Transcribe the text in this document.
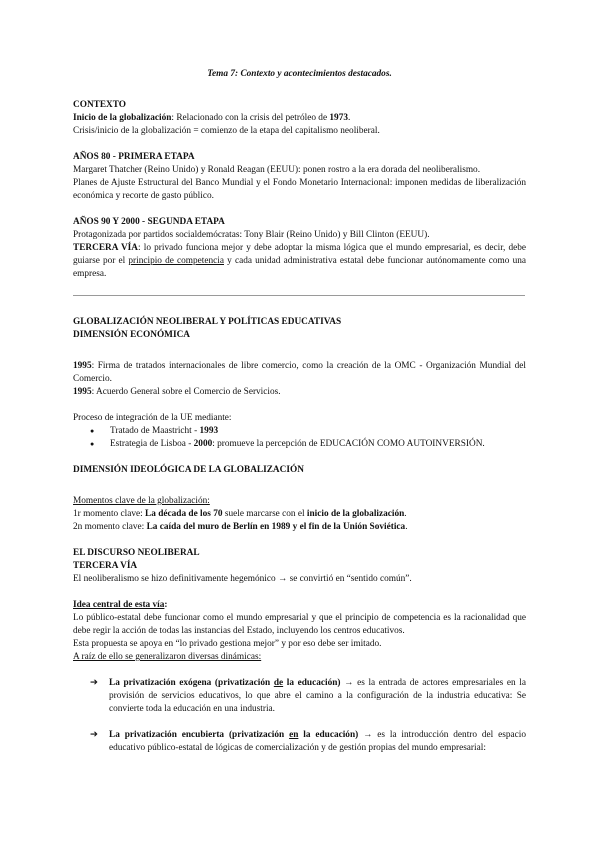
Tema 7: Contexto y acontecimientos destacados.

CONTEXTO

Inicio de la globalización: Relacionado con la crisis del petróleo de 1973.

Crisis/inicio de la globalización = comienzo de la etapa del capitalismo neoliberal.

AÑOS 80 - PRIMERA ETAPA

Margaret Thatcher (Reino Unido) y Ronald Reagan (EEUU): ponen rostro a la era dorada del neoliberalismo.

Planes de Ajuste Estructural del Banco Mundial y el Fondo Monetario Internacional: imponen medidas de liberalización económica y recorte de gasto público.

AÑOS 90 Y 2000 - SEGUNDA ETAPA

Protagonizada por partidos socialdemócratas: Tony Blair (Reino Unido) y Bill Clinton (EEUU).

TERCERA VÍA: lo privado funciona mejor y debe adoptar la misma lógica que el mundo empresarial, es decir, debe guiarse por el principio de competencia y cada unidad administrativa estatal debe funcionar autónomamente como una empresa.

GLOBALIZACIÓN NEOLIBERAL Y POLÍTICAS EDUCATIVAS

DIMENSIÓN ECONÓMICA

1995: Firma de tratados internacionales de libre comercio, como la creación de la OMC - Organización Mundial del Comercio.

1995: Acuerdo General sobre el Comercio de Servicios.

Proceso de integración de la UE mediante:

● Tratado de Maastricht - 1993
● Estrategia de Lisboa - 2000: promueve la percepción de EDUCACIÓN COMO AUTOINVERSIÓN.

DIMENSIÓN IDEOLÓGICA DE LA GLOBALIZACIÓN

Momentos clave de la globalización:

1r momento clave: La década de los 70 suele marcarse con el inicio de la globalización.

2n momento clave: La caída del muro de Berlín en 1989 y el fin de la Unión Soviética.

EL DISCURSO NEOLIBERAL

TERCERA VÍA

El neoliberalismo se hizo definitivamente hegemónico → se convirtió en “sentido común”.

Idea central de esta vía:

Lo público-estatal debe funcionar como el mundo empresarial y que el principio de competencia es la racionalidad que debe regir la acción de todas las instancias del Estado, incluyendo los centros educativos.

Esta propuesta se apoya en “lo privado gestiona mejor” y por eso debe ser imitado.

A raíz de ello se generalizaron diversas dinámicas:

➔ La privatización exógena (privatización de la educación) → es la entrada de actores empresariales en la provisión de servicios educativos, lo que abre el camino a la configuración de la industria educativa: Se convierte toda la educación en una industria.
➔ La privatización encubierta (privatización en la educación) → es la introducción dentro del espacio educativo público-estatal de lógicas de comercialización y de gestión propias del mundo empresarial:
